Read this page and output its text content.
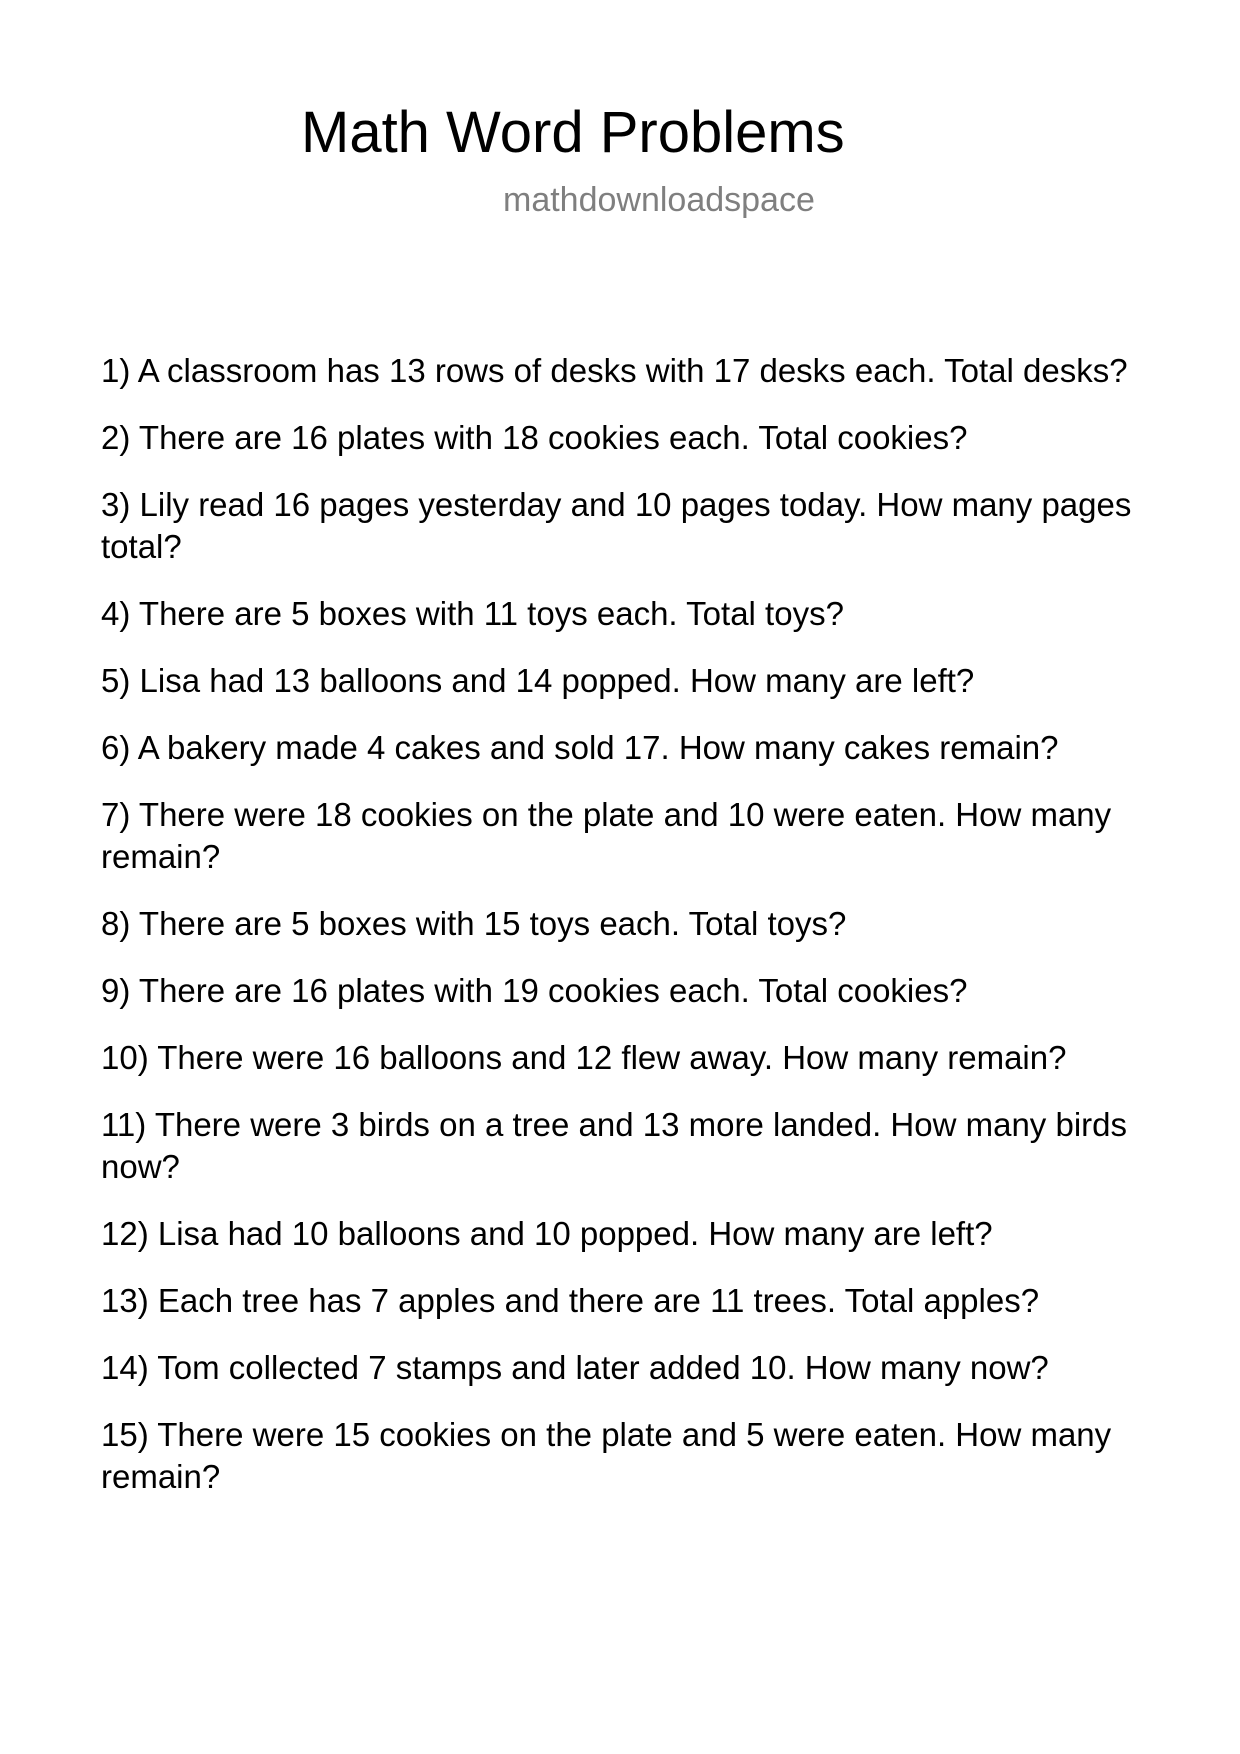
Math Word Problems
mathdownloadspace

1) A classroom has 13 rows of desks with 17 desks each. Total desks?

2) There are 16 plates with 18 cookies each. Total cookies?

3) Lily read 16 pages yesterday and 10 pages today. How many pages total?

4) There are 5 boxes with 11 toys each. Total toys?

5) Lisa had 13 balloons and 14 popped. How many are left?

6) A bakery made 4 cakes and sold 17. How many cakes remain?

7) There were 18 cookies on the plate and 10 were eaten. How many remain?

8) There are 5 boxes with 15 toys each. Total toys?

9) There are 16 plates with 19 cookies each. Total cookies?

10) There were 16 balloons and 12 flew away. How many remain?

11) There were 3 birds on a tree and 13 more landed. How many birds now?

12) Lisa had 10 balloons and 10 popped. How many are left?

13) Each tree has 7 apples and there are 11 trees. Total apples?

14) Tom collected 7 stamps and later added 10. How many now?

15) There were 15 cookies on the plate and 5 were eaten. How many remain?
